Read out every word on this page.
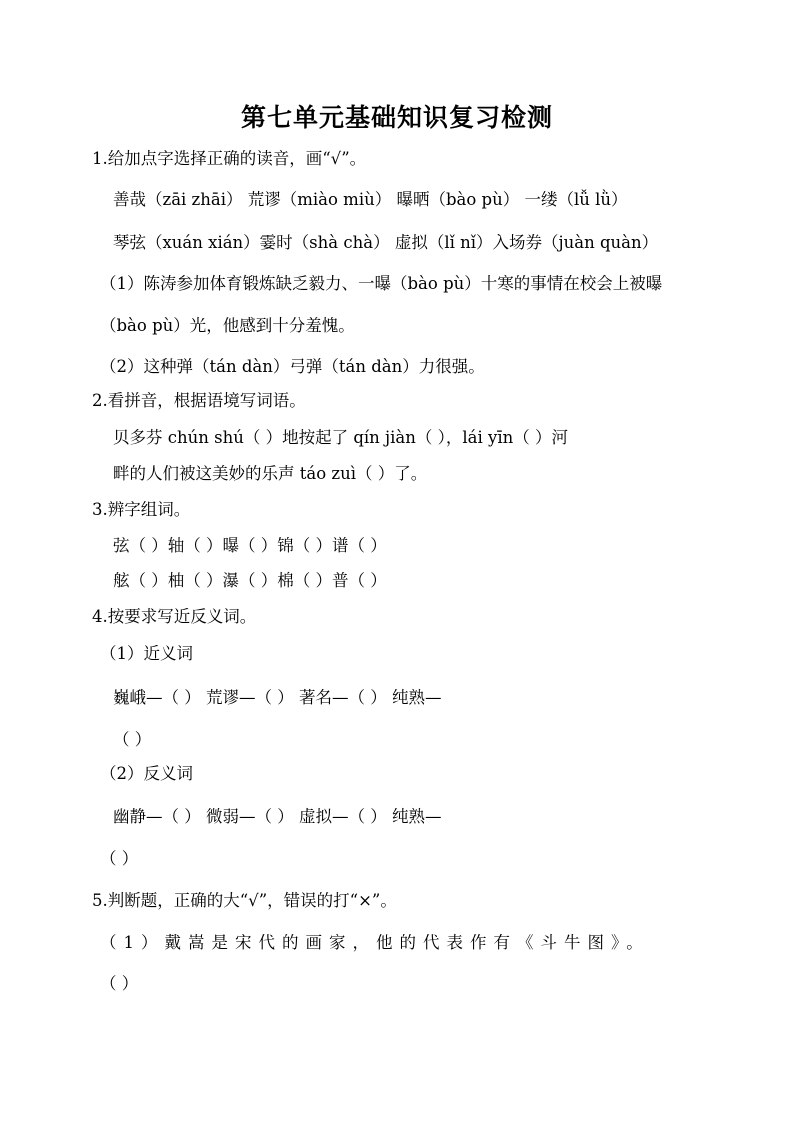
第七单元基础知识复习检测
1.给加点字选择正确的读音，画“√”。
善哉（zāi zhāi） 荒谬（miào miù） 曝晒（bào pù） 一缕（lǚ lǜ）
琴弦（xuán xián）霎时（shà chà） 虚拟（lǐ nǐ）入场券（juàn quàn）
（1）陈涛参加体育锻炼缺乏毅力、一曝（bào pù）十寒的事情在校会上被曝
（bào pù）光，他感到十分羞愧。
（2）这种弹（tán dàn）弓弹（tán dàn）力很强。
2.看拼音，根据语境写词语。
贝多芬 chún shú（ ）地按起了 qín jiàn（ ），lái yīn（ ）河
畔的人们被这美妙的乐声 táo zuì（ ）了。
3.辨字组词。
弦（ ）轴（ ）曝（ ）锦（ ）谱（ ）
舷（ ）柚（ ）瀑（ ）棉（ ）普（ ）
4.按要求写近反义词。
（1）近义词
巍峨—（ ） 荒谬—（ ） 著名—（ ） 纯熟—
（ ）
（2）反义词
幽静—（ ） 微弱—（ ） 虚拟—（ ） 纯熟—
（ ）
5.判断题，正确的大“√”，错误的打“×”。
（1）戴嵩是宋代的画家，他的代表作有《斗牛图》。
（ ）
